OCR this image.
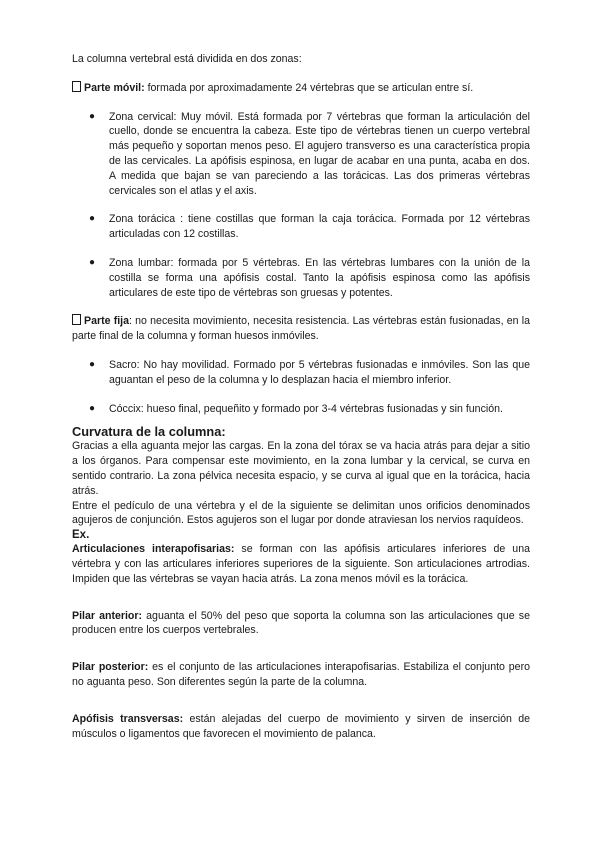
La columna vertebral está dividida en dos zonas:

Parte móvil: formada por aproximadamente 24 vértebras que se articulan entre sí.

● Zona cervical: Muy móvil. Está formada por 7 vértebras que forman la articulación del cuello, donde se encuentra la cabeza. Este tipo de vértebras tienen un cuerpo vertebral más pequeño y soportan menos peso. El agujero transverso es una característica propia de las cervicales. La apófisis espinosa, en lugar de acabar en una punta, acaba en dos. A medida que bajan se van pareciendo a las torácicas. Las dos primeras vértebras cervicales son el atlas y el axis.
● Zona torácica : tiene costillas que forman la caja torácica. Formada por 12 vértebras articuladas con 12 costillas.
● Zona lumbar: formada por 5 vértebras. En las vértebras lumbares con la unión de la costilla se forma una apófisis costal. Tanto la apófisis espinosa como las apófisis articulares de este tipo de vértebras son gruesas y potentes.

Parte fija: no necesita movimiento, necesita resistencia. Las vértebras están fusionadas, en la parte final de la columna y forman huesos inmóviles.

● Sacro: No hay movilidad. Formado por 5 vértebras fusionadas e inmóviles. Son las que aguantan el peso de la columna y lo desplazan hacia el miembro inferior.
● Cóccix: hueso final, pequeñito y formado por 3-4 vértebras fusionadas y sin función.

Curvatura de la columna:

Gracias a ella aguanta mejor las cargas. En la zona del tórax se va hacia atrás para dejar a sitio a los órganos. Para compensar este movimiento, en la zona lumbar y la cervical, se curva en sentido contrario. La zona pélvica necesita espacio, y se curva al igual que en la torácica, hacia atrás.

Entre el pedículo de una vértebra y el de la siguiente se delimitan unos orificios denominados agujeros de conjunción. Estos agujeros son el lugar por donde atraviesan los nervios raquídeos.

Ex.

Articulaciones interapofisarias: se forman con las apófisis articulares inferiores de una vértebra y con las articulares inferiores superiores de la siguiente. Son articulaciones artrodias. Impiden que las vértebras se vayan hacia atrás. La zona menos móvil es la torácica.

Pilar anterior: aguanta el 50% del peso que soporta la columna son las articulaciones que se producen entre los cuerpos vertebrales.

Pilar posterior: es el conjunto de las articulaciones interapofisarias. Estabiliza el conjunto pero no aguanta peso. Son diferentes según la parte de la columna.

Apófisis transversas: están alejadas del cuerpo de movimiento y sirven de inserción de músculos o ligamentos que favorecen el movimiento de palanca.
